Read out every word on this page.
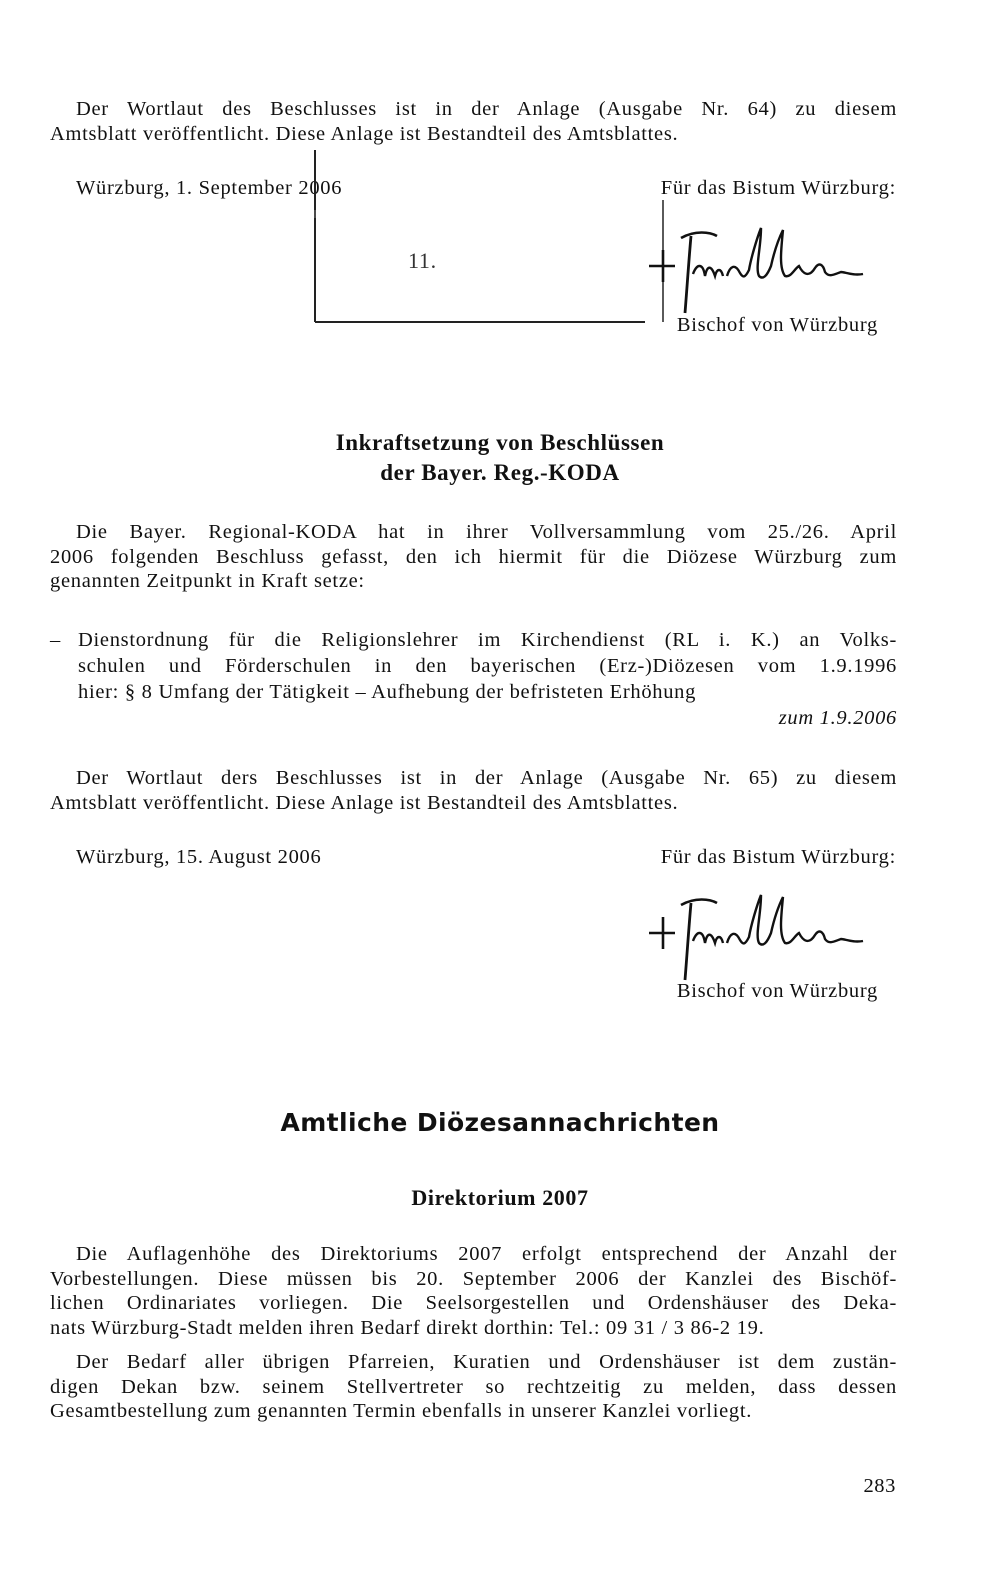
Der Wortlaut des Beschlusses ist in der Anlage (Ausgabe Nr. 64) zu diesem
Amtsblatt veröffentlicht. Diese Anlage ist Bestandteil des Amtsblattes.
Würzburg, 1. September 2006	Für das Bistum Würzburg:
11.
Bischof von Würzburg
Inkraftsetzung von Beschlüssen
der Bayer. Reg.-KODA
Die Bayer. Regional-KODA hat in ihrer Vollversammlung vom 25./26. April
2006 folgenden Beschluss gefasst, den ich hiermit für die Diözese Würzburg zum
genannten Zeitpunkt in Kraft setze:
– Dienstordnung für die Religionslehrer im Kirchendienst (RL i. K.) an Volks-
schulen und Förderschulen in den bayerischen (Erz-)Diözesen vom 1.9.1996
hier: § 8 Umfang der Tätigkeit – Aufhebung der befristeten Erhöhung
zum 1.9.2006
Der Wortlaut ders Beschlusses ist in der Anlage (Ausgabe Nr. 65) zu diesem
Amtsblatt veröffentlicht. Diese Anlage ist Bestandteil des Amtsblattes.
Würzburg, 15. August 2006	Für das Bistum Würzburg:
Bischof von Würzburg
Amtliche Diözesannachrichten
Direktorium 2007
Die Auflagenhöhe des Direktoriums 2007 erfolgt entsprechend der Anzahl der
Vorbestellungen. Diese müssen bis 20. September 2006 der Kanzlei des Bischöf-
lichen Ordinariates vorliegen. Die Seelsorgestellen und Ordenshäuser des Deka-
nats Würzburg-Stadt melden ihren Bedarf direkt dorthin: Tel.: 09 31 / 3 86-2 19.
Der Bedarf aller übrigen Pfarreien, Kuratien und Ordenshäuser ist dem zustän-
digen Dekan bzw. seinem Stellvertreter so rechtzeitig zu melden, dass dessen
Gesamtbestellung zum genannten Termin ebenfalls in unserer Kanzlei vorliegt.
283
